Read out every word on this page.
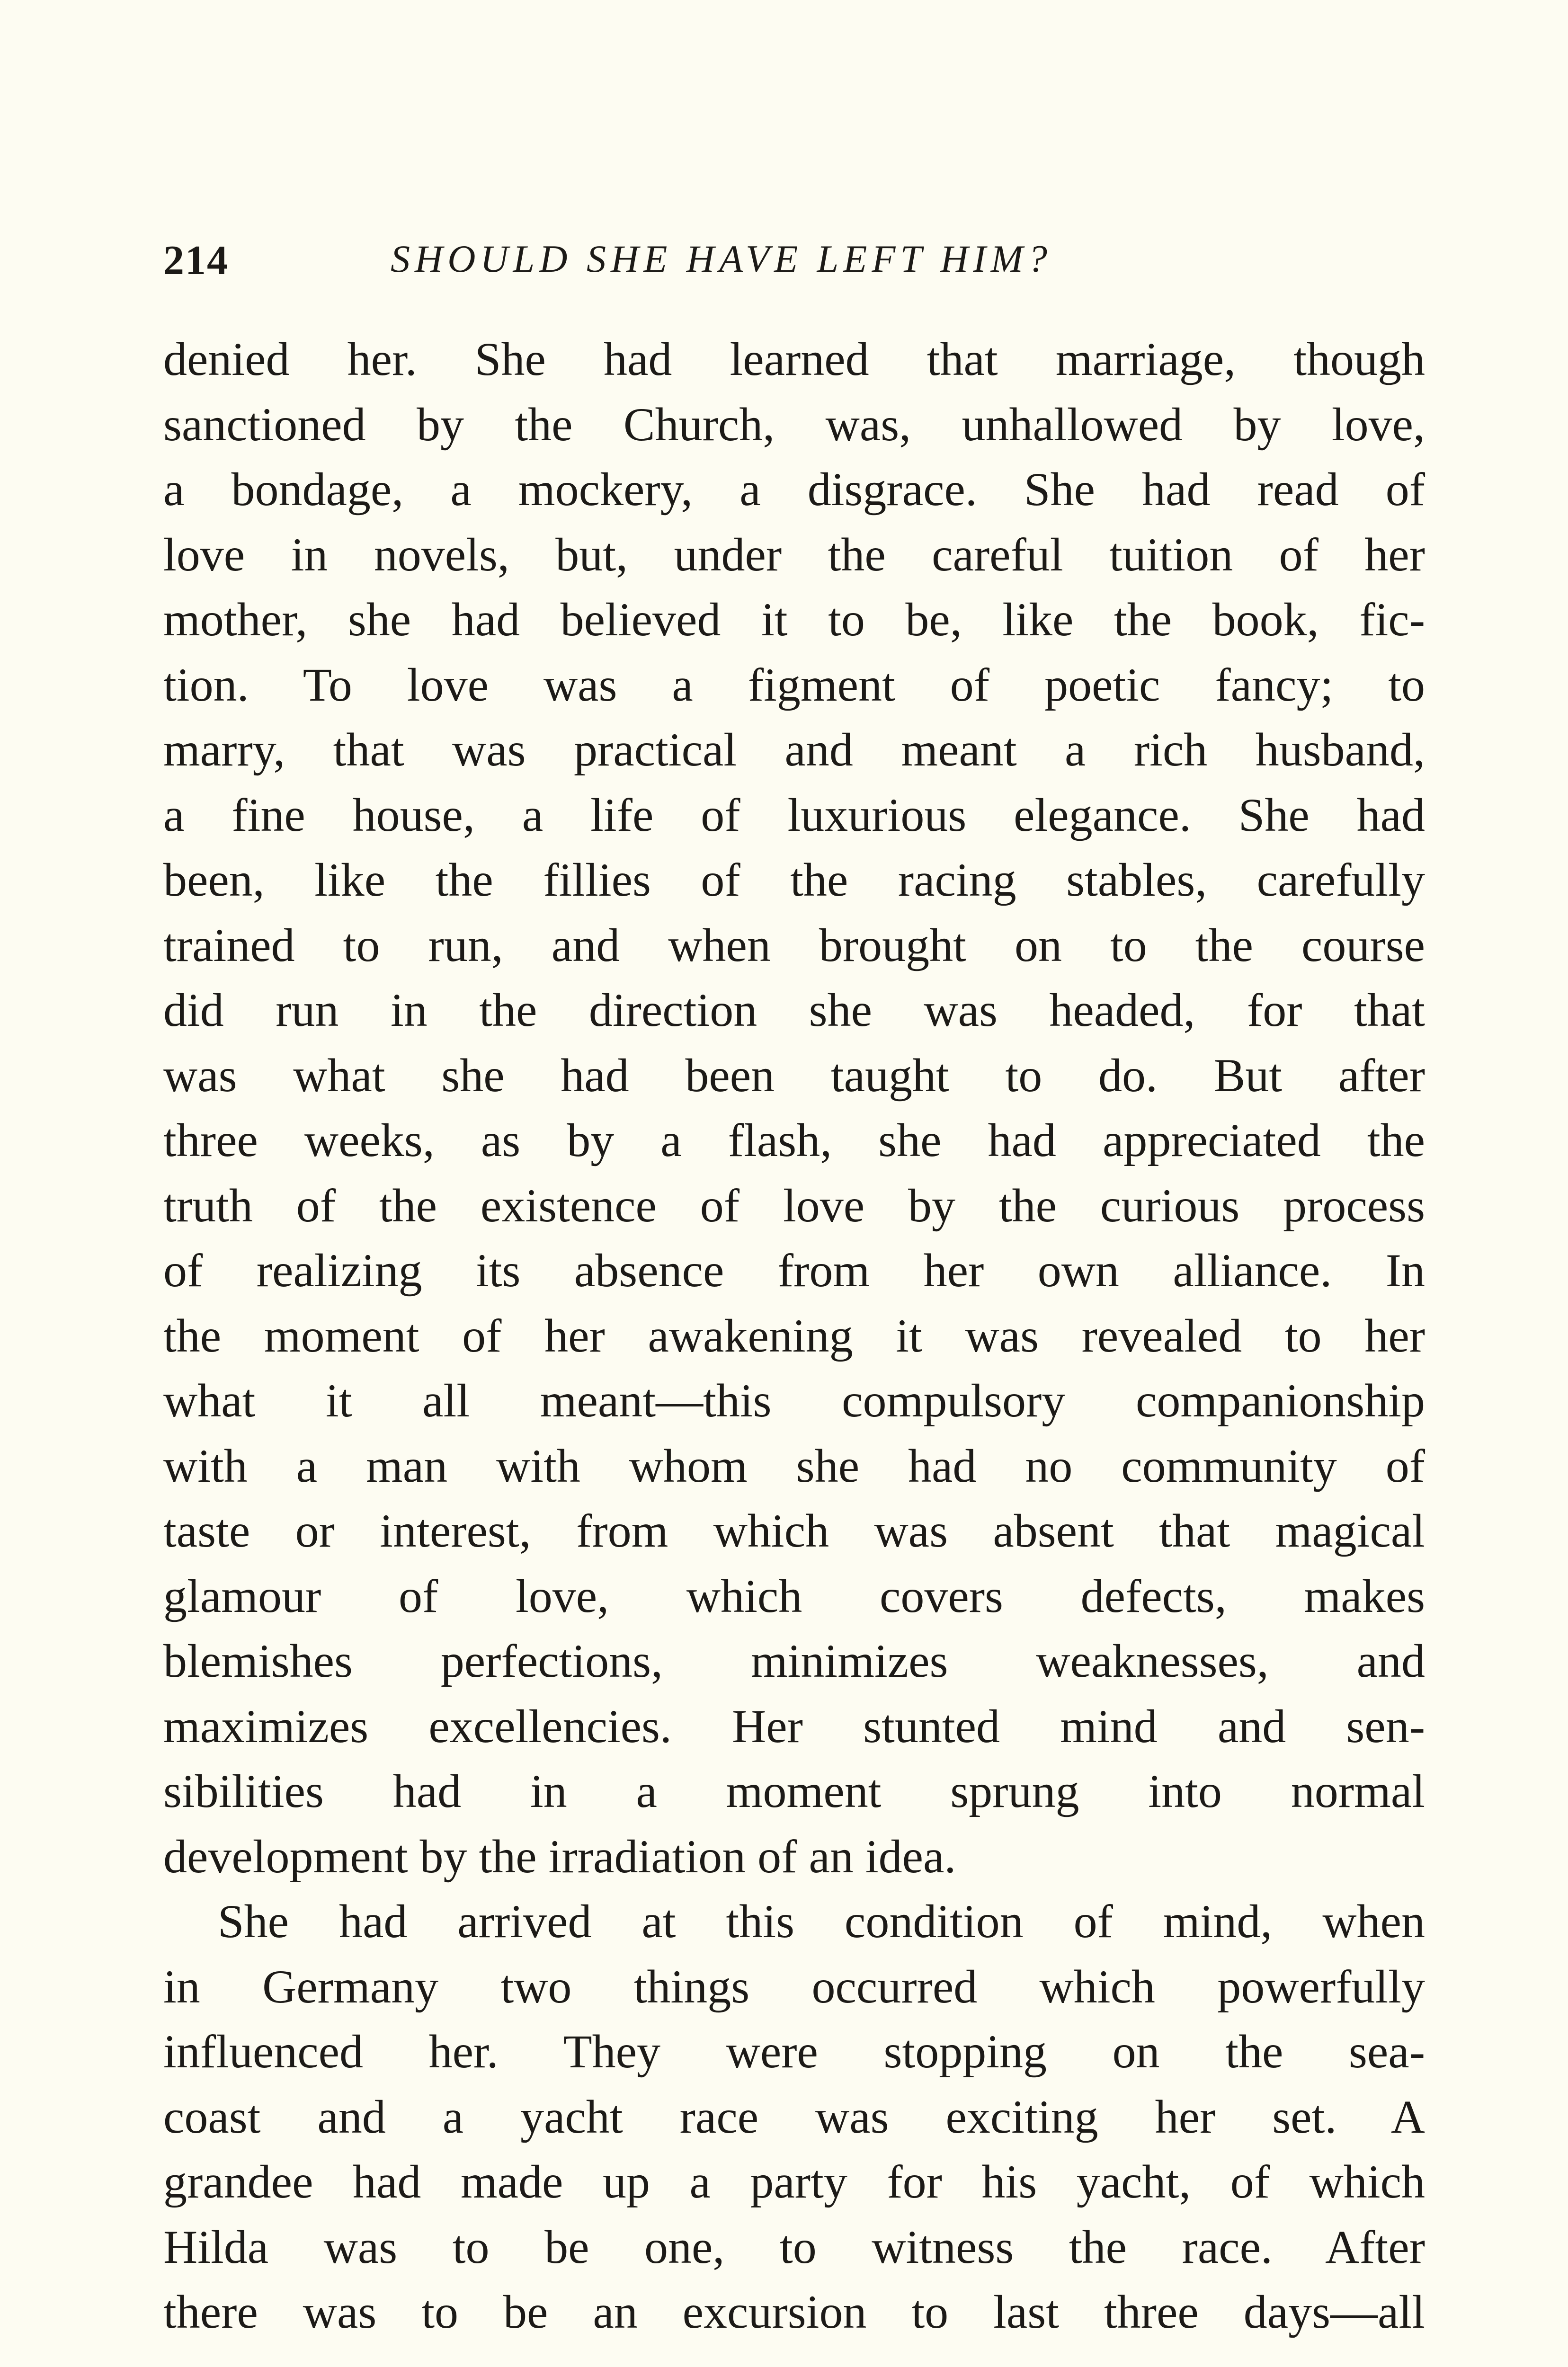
214	SHOULD SHE HAVE LEFT HIM?
denied her. She had learned that marriage, though
sanctioned by the Church, was, unhallowed by love,
a bondage, a mockery, a disgrace. She had read of
love in novels, but, under the careful tuition of her
mother, she had believed it to be, like the book, fic-
tion. To love was a figment of poetic fancy; to
marry, that was practical and meant a rich husband,
a fine house, a life of luxurious elegance. She had
been, like the fillies of the racing stables, carefully
trained to run, and when brought on to the course
did run in the direction she was headed, for that
was what she had been taught to do. But after
three weeks, as by a flash, she had appreciated the
truth of the existence of love by the curious process
of realizing its absence from her own alliance. In
the moment of her awakening it was revealed to her
what it all meant—this compulsory companionship
with a man with whom she had no community of
taste or interest, from which was absent that magical
glamour of love, which covers defects, makes
blemishes perfections, minimizes weaknesses, and
maximizes excellencies. Her stunted mind and sen-
sibilities had in a moment sprung into normal
development by the irradiation of an idea.
She had arrived at this condition of mind, when
in Germany two things occurred which powerfully
influenced her. They were stopping on the sea-
coast and a yacht race was exciting her set. A
grandee had made up a party for his yacht, of which
Hilda was to be one, to witness the race. After
there was to be an excursion to last three days—all
